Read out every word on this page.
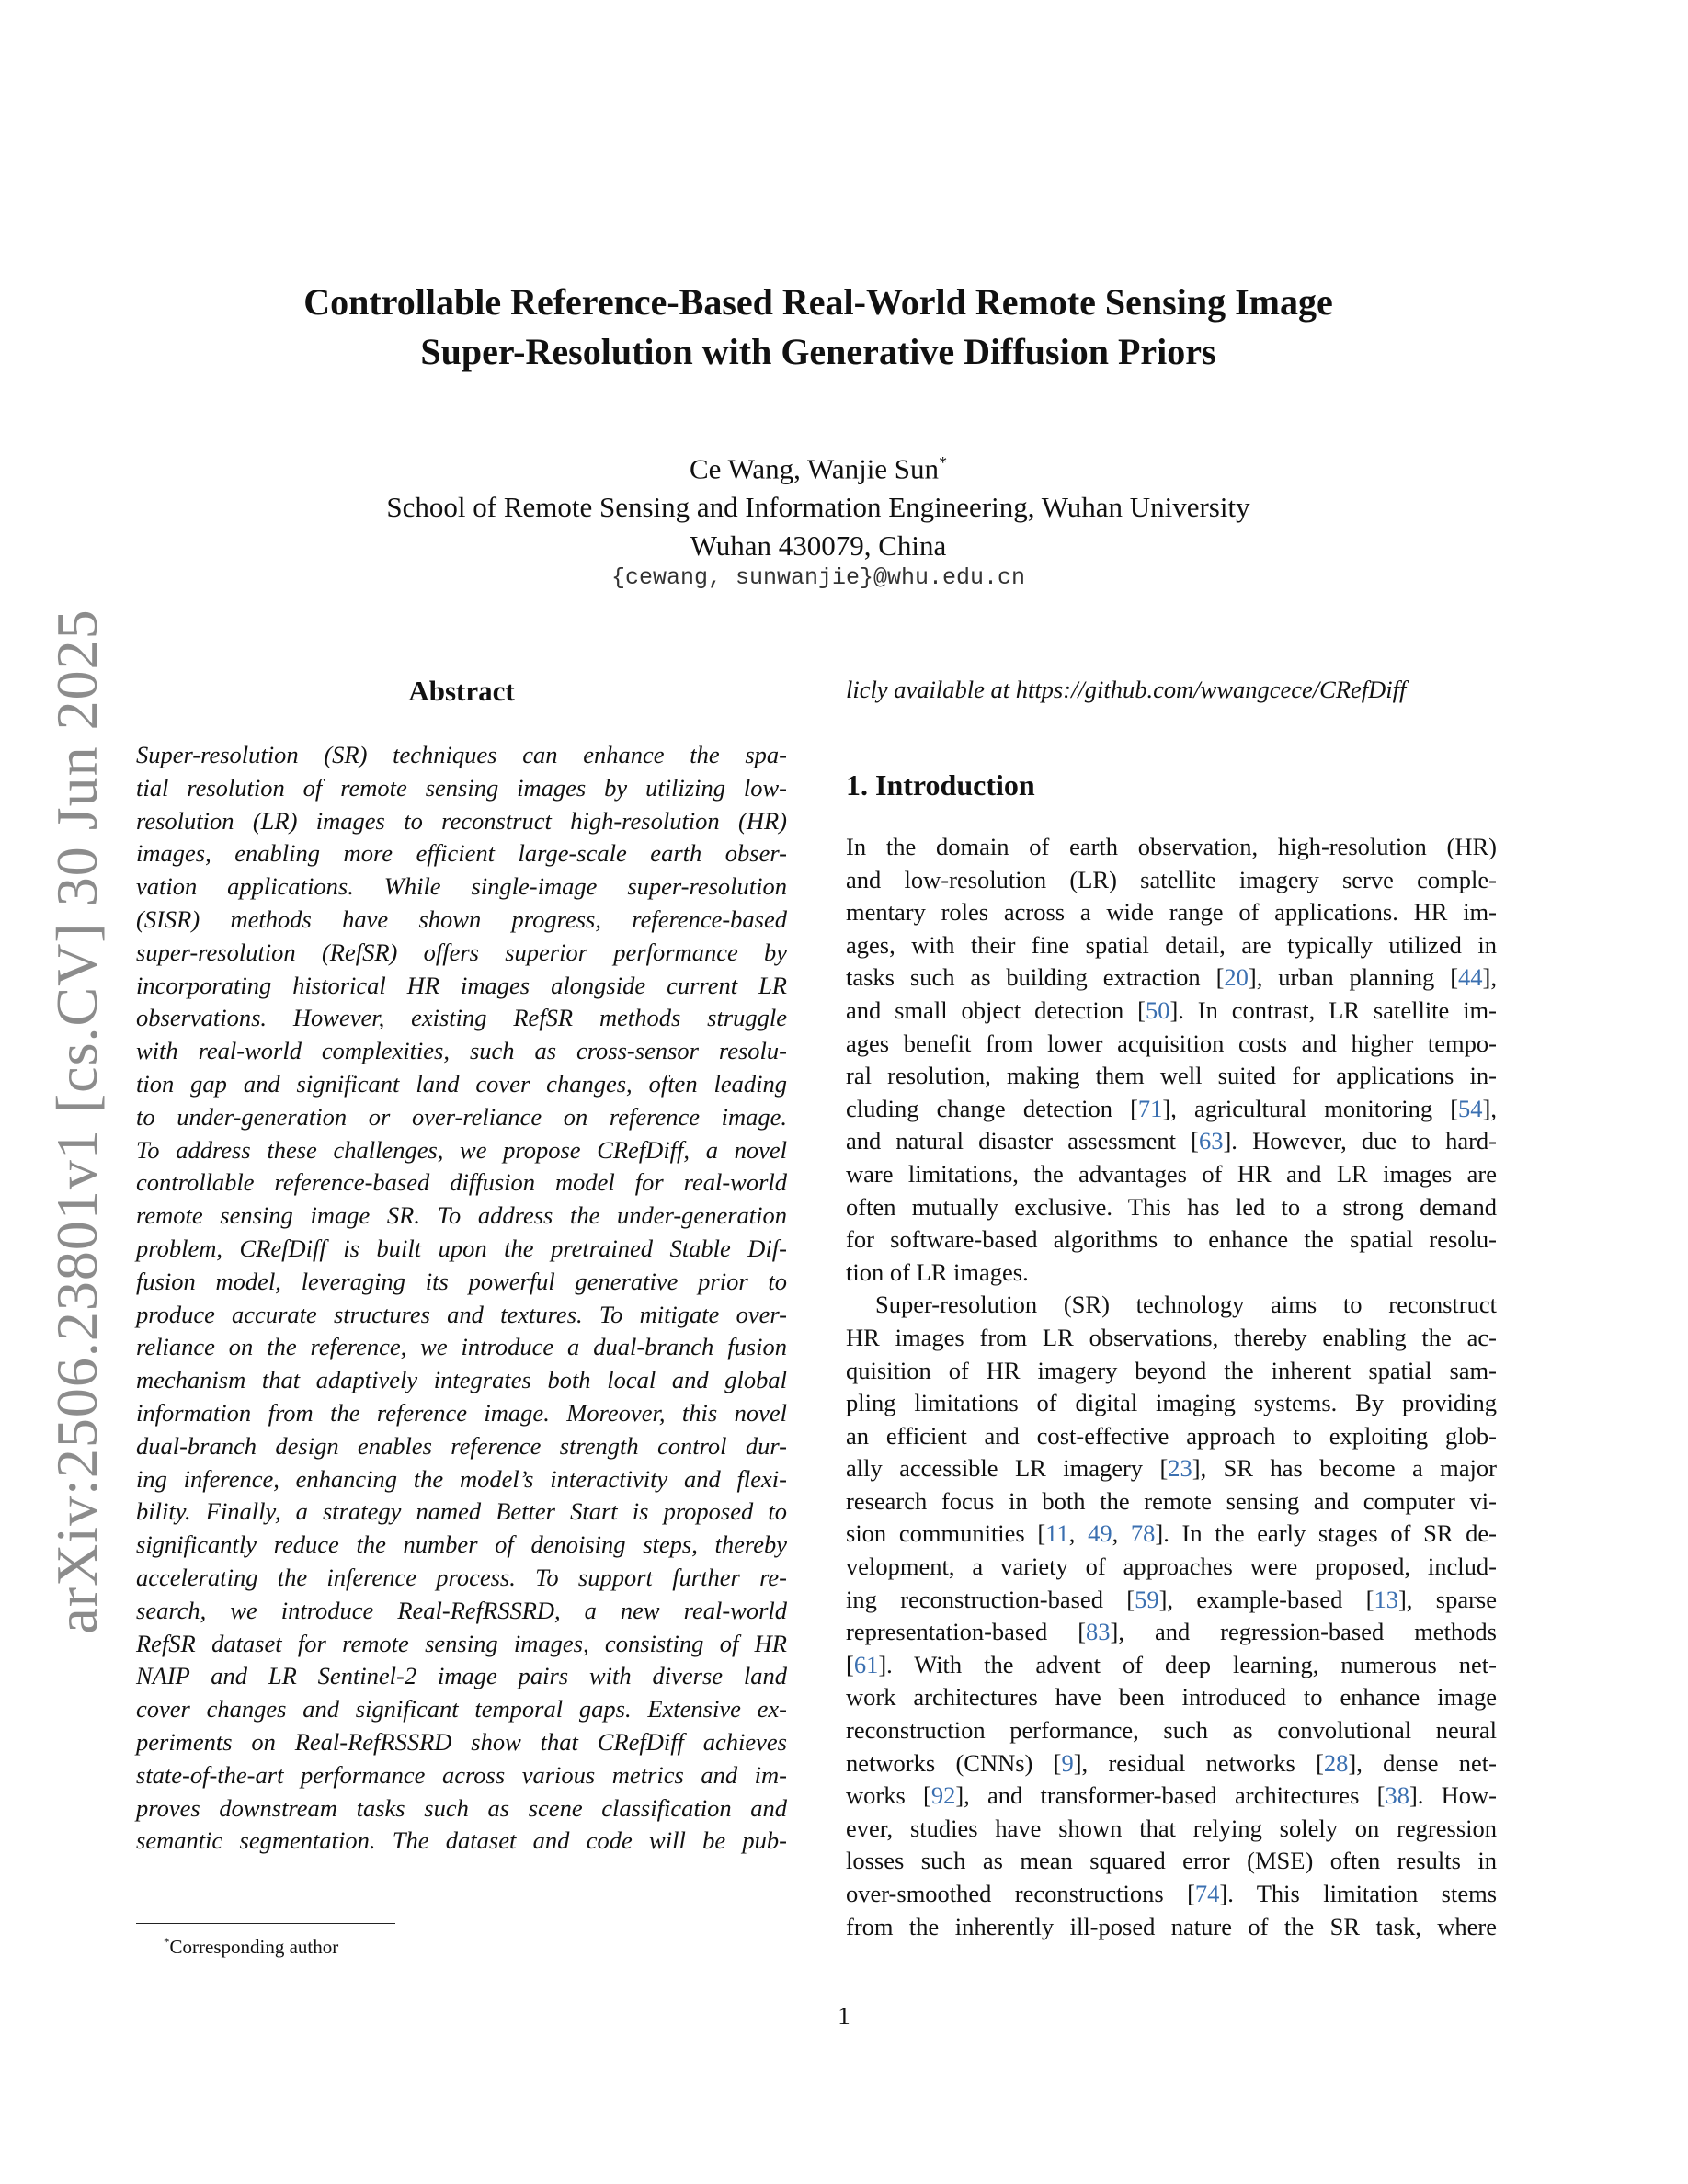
arXiv:2506.23801v1 [cs.CV] 30 Jun 2025
Controllable Reference-Based Real-World Remote Sensing Image
Super-Resolution with Generative Diffusion Priors
Ce Wang, Wanjie Sun*
School of Remote Sensing and Information Engineering, Wuhan University
Wuhan 430079, China
{cewang, sunwanjie}@whu.edu.cn
Abstract

Super-resolution (SR) techniques can enhance the spa-

tial resolution of remote sensing images by utilizing low-

resolution (LR) images to reconstruct high-resolution (HR)

images, enabling more efficient large-scale earth obser-

vation applications. While single-image super-resolution

(SISR) methods have shown progress, reference-based

super-resolution (RefSR) offers superior performance by

incorporating historical HR images alongside current LR

observations. However, existing RefSR methods struggle

with real-world complexities, such as cross-sensor resolu-

tion gap and significant land cover changes, often leading

to under-generation or over-reliance on reference image.

To address these challenges, we propose CRefDiff, a novel

controllable reference-based diffusion model for real-world

remote sensing image SR. To address the under-generation

problem, CRefDiff is built upon the pretrained Stable Dif-

fusion model, leveraging its powerful generative prior to

produce accurate structures and textures. To mitigate over-

reliance on the reference, we introduce a dual-branch fusion

mechanism that adaptively integrates both local and global

information from the reference image. Moreover, this novel

dual-branch design enables reference strength control dur-

ing inference, enhancing the model’s interactivity and flexi-

bility. Finally, a strategy named Better Start is proposed to

significantly reduce the number of denoising steps, thereby

accelerating the inference process. To support further re-

search, we introduce Real-RefRSSRD, a new real-world

RefSR dataset for remote sensing images, consisting of HR

NAIP and LR Sentinel-2 image pairs with diverse land

cover changes and significant temporal gaps. Extensive ex-

periments on Real-RefRSSRD show that CRefDiff achieves

state-of-the-art performance across various metrics and im-

proves downstream tasks such as scene classification and

semantic segmentation. The dataset and code will be pub-

*Corresponding author
licly available at https://github.com/wwangcece/CRefDiff
1. Introduction

In the domain of earth observation, high-resolution (HR)

and low-resolution (LR) satellite imagery serve comple-

mentary roles across a wide range of applications. HR im-

ages, with their fine spatial detail, are typically utilized in

tasks such as building extraction [20], urban planning [44],

and small object detection [50]. In contrast, LR satellite im-

ages benefit from lower acquisition costs and higher tempo-

ral resolution, making them well suited for applications in-

cluding change detection [71], agricultural monitoring [54],

and natural disaster assessment [63]. However, due to hard-

ware limitations, the advantages of HR and LR images are

often mutually exclusive. This has led to a strong demand

for software-based algorithms to enhance the spatial resolu-

tion of LR images.

Super-resolution (SR) technology aims to reconstruct

HR images from LR observations, thereby enabling the ac-

quisition of HR imagery beyond the inherent spatial sam-

pling limitations of digital imaging systems. By providing

an efficient and cost-effective approach to exploiting glob-

ally accessible LR imagery [23], SR has become a major

research focus in both the remote sensing and computer vi-

sion communities [11, 49, 78]. In the early stages of SR de-

velopment, a variety of approaches were proposed, includ-

ing reconstruction-based [59], example-based [13], sparse

representation-based [83], and regression-based methods

[61]. With the advent of deep learning, numerous net-

work architectures have been introduced to enhance image

reconstruction performance, such as convolutional neural

networks (CNNs) [9], residual networks [28], dense net-

works [92], and transformer-based architectures [38]. How-

ever, studies have shown that relying solely on regression

losses such as mean squared error (MSE) often results in

over-smoothed reconstructions [74]. This limitation stems

from the inherently ill-posed nature of the SR task, where

1
